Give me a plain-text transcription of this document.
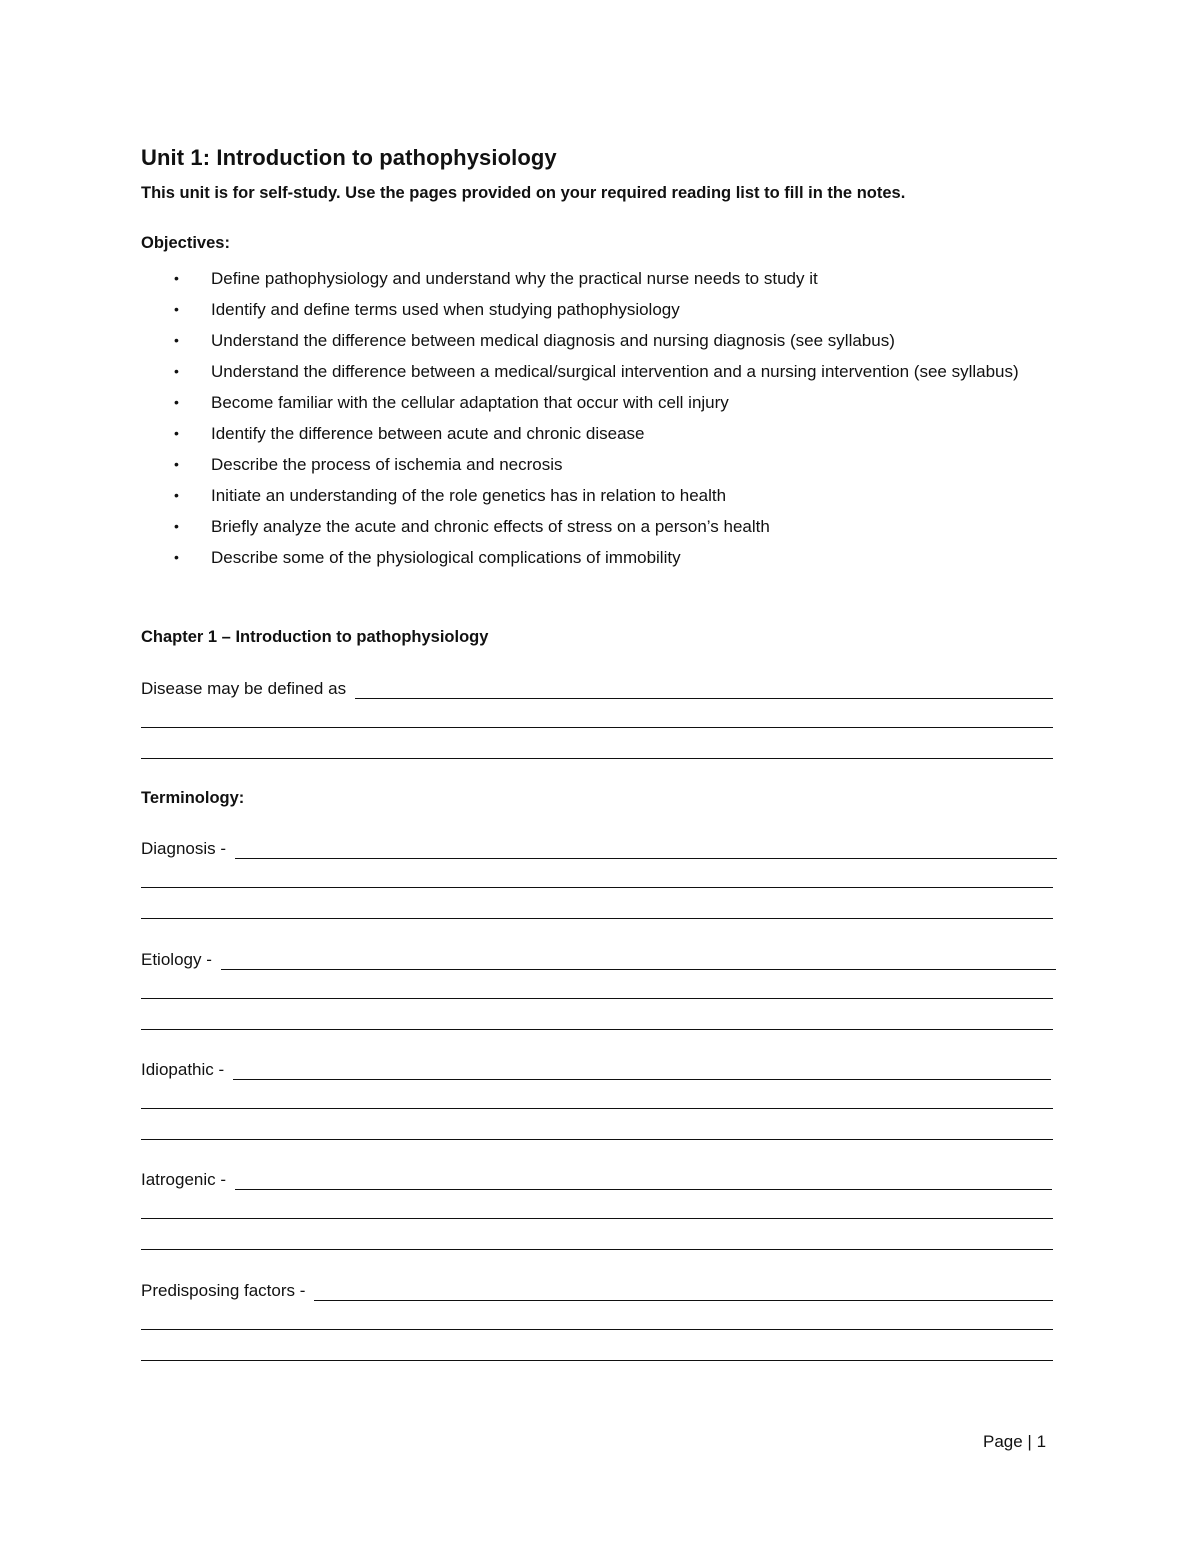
Unit 1: Introduction to pathophysiology
This unit is for self-study. Use the pages provided on your required reading list to fill in the notes.
Objectives:
• Define pathophysiology and understand why the practical nurse needs to study it
• Identify and define terms used when studying pathophysiology
• Understand the difference between medical diagnosis and nursing diagnosis (see syllabus)
• Understand the difference between a medical/surgical intervention and a nursing intervention (see syllabus)
• Become familiar with the cellular adaptation that occur with cell injury
• Identify the difference between acute and chronic disease
• Describe the process of ischemia and necrosis
• Initiate an understanding of the role genetics has in relation to health
• Briefly analyze the acute and chronic effects of stress on a person’s health
• Describe some of the physiological complications of immobility
Chapter 1 – Introduction to pathophysiology
Disease may be defined as
Terminology:
Diagnosis -
Etiology -
Idiopathic -
Iatrogenic -
Predisposing factors -
Page | 1
